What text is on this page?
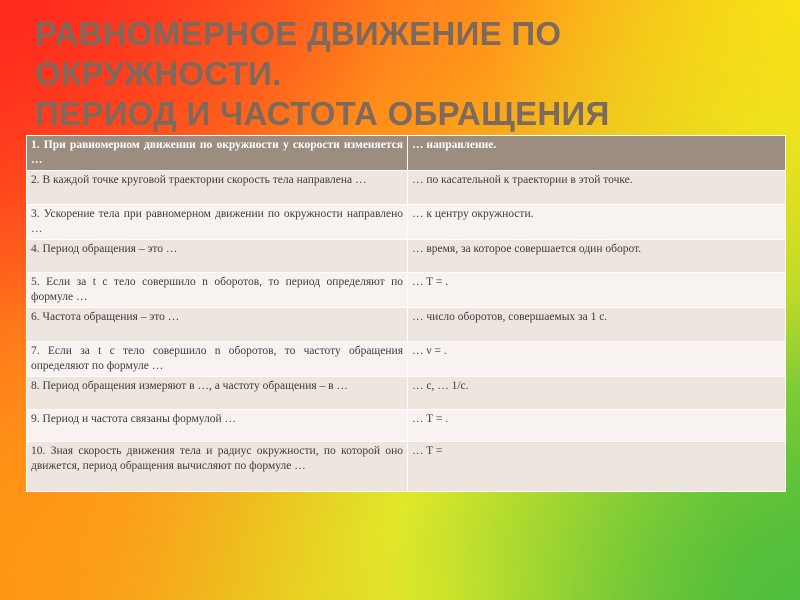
РАВНОМЕРНОЕ ДВИЖЕНИЕ ПО
ОКРУЖНОСТИ.
ПЕРИОД И ЧАСТОТА ОБРАЩЕНИЯ
1. При равномерном движении по окружности у скорости изменяется …	… направление.
2. В каждой точке круговой траектории скорость тела направлена …	… по касательной к траектории в этой точке.
3. Ускорение тела при равномерном движении по окружности направлено …	… к центру окружности.
4. Период обращения – это …	… время, за которое совершается один оборот.
5. Если за t с тело совершило n оборотов, то период определяют по формуле …	… T = .
6. Частота обращения – это …	… число оборотов, совершаемых за 1 с.
7. Если за t с тело совершило n оборотов, то частоту обращения определяют по формуле …	… ν = .
8. Период обращения измеряют в …, а частоту обращения – в …	… с, … 1/с.
9. Период и частота связаны формулой …	… T = .
10. Зная скорость движения тела и радиус окружности, по которой оно движется, период обращения вычисляют по формуле …	… T =
